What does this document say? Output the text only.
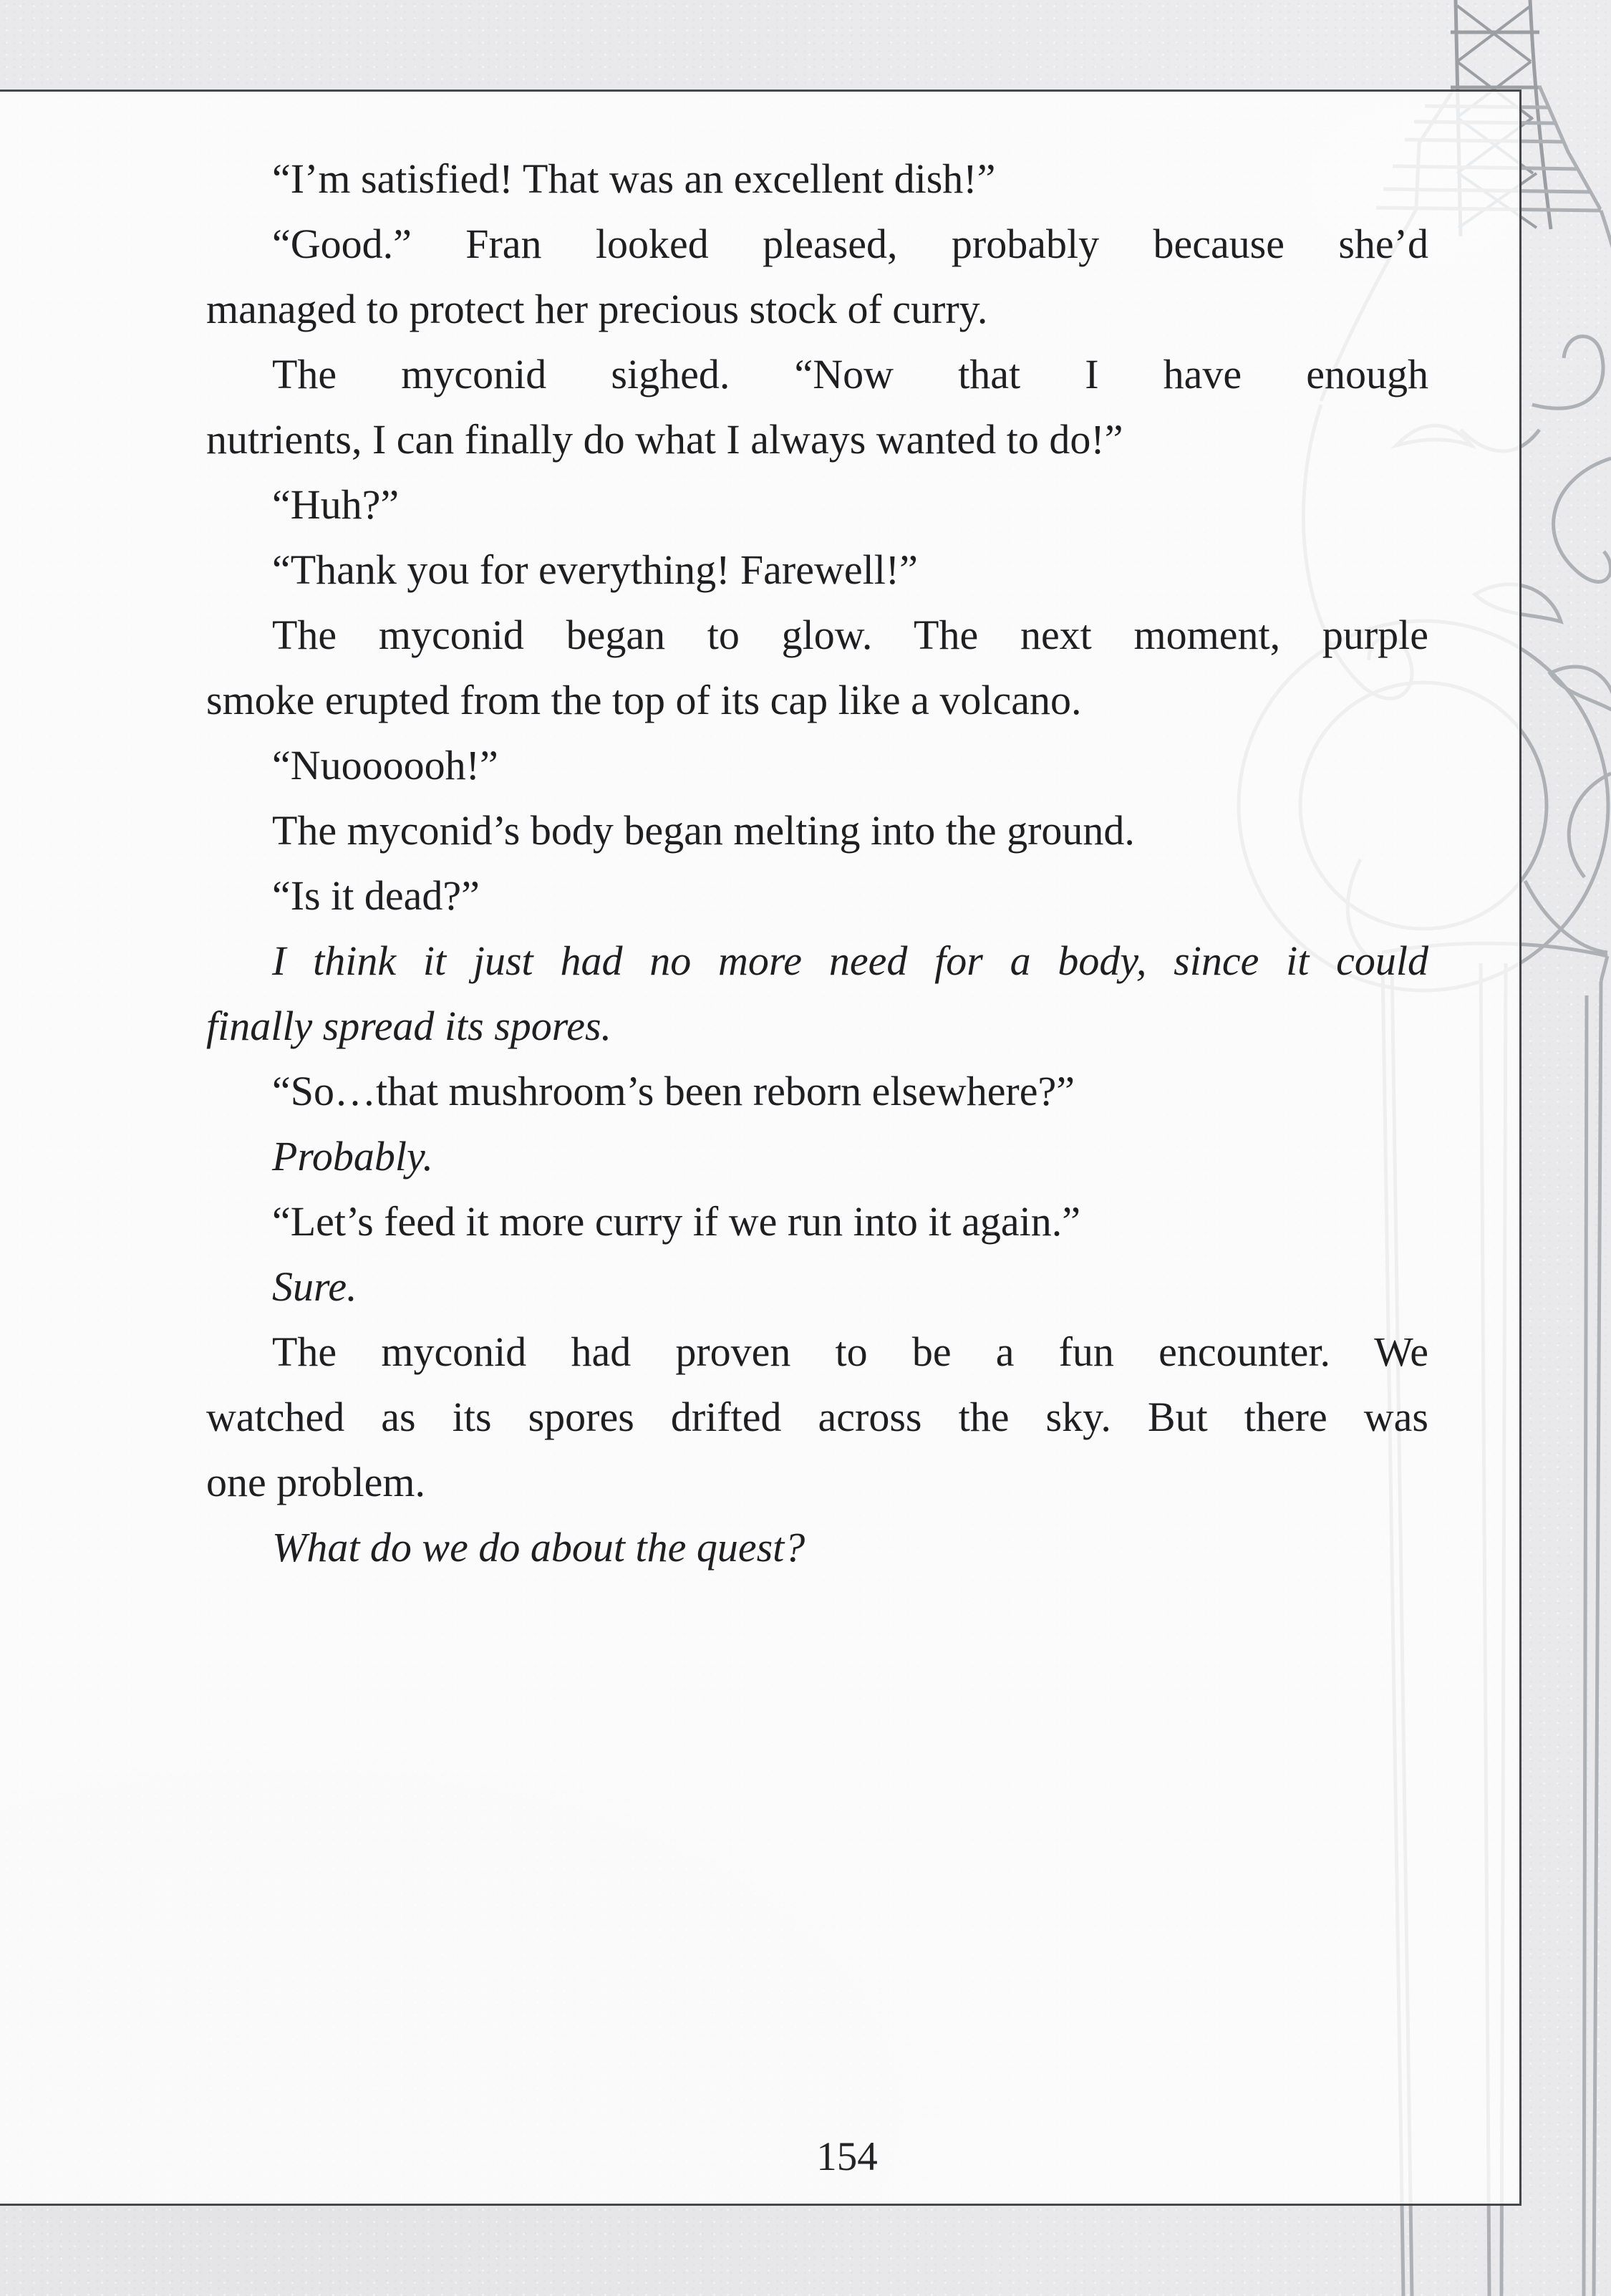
“I’m satisfied! That was an excellent dish!”
“Good.” Fran looked pleased, probably because she’d
managed to protect her precious stock of curry.
The myconid sighed. “Now that I have enough
nutrients, I can finally do what I always wanted to do!”
“Huh?”
“Thank you for everything! Farewell!”
The myconid began to glow. The next moment, purple
smoke erupted from the top of its cap like a volcano.
“Nuoooooh!”
The myconid’s body began melting into the ground.
“Is it dead?”
I think it just had no more need for a body, since it could
finally spread its spores.
“So…that mushroom’s been reborn elsewhere?”
Probably.
“Let’s feed it more curry if we run into it again.”
Sure.
The myconid had proven to be a fun encounter. We
watched as its spores drifted across the sky. But there was
one problem.
What do we do about the quest?
154
